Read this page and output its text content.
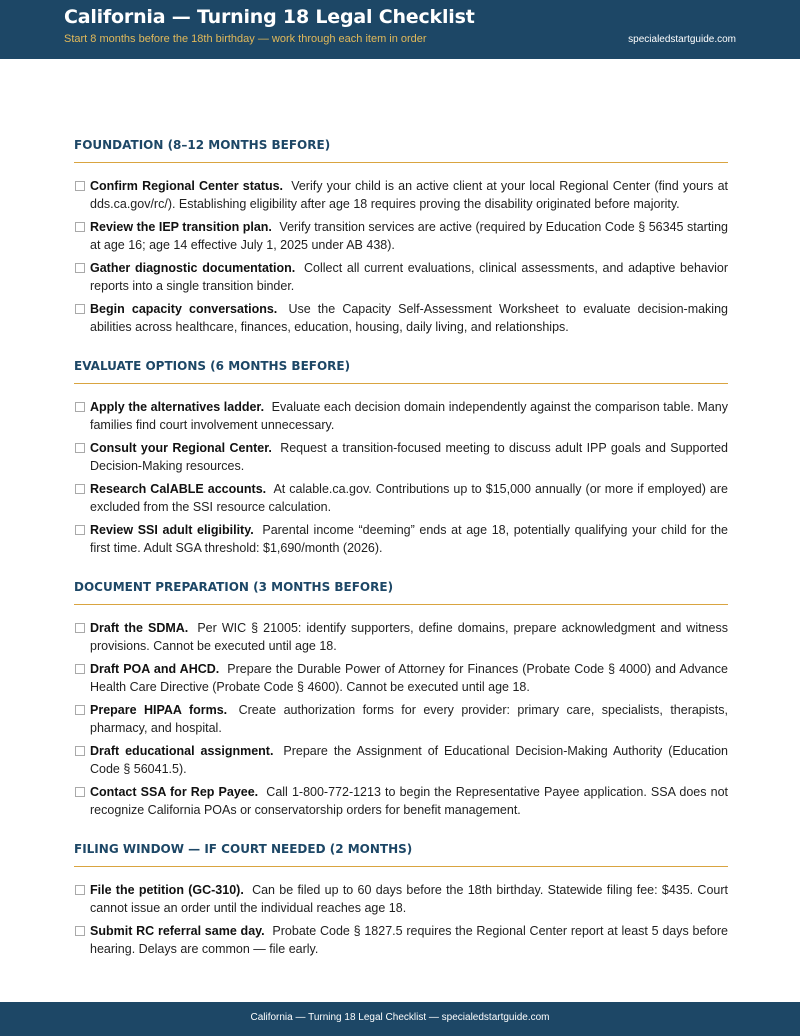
California — Turning 18 Legal Checklist
Start 8 months before the 18th birthday — work through each item in order	specialedstartguide.com
FOUNDATION (8–12 MONTHS BEFORE)
Confirm Regional Center status. Verify your child is an active client at your local Regional Center (find yours at dds.ca.gov/rc/). Establishing eligibility after age 18 requires proving the disability originated before majority.
Review the IEP transition plan. Verify transition services are active (required by Education Code § 56345 starting at age 16; age 14 effective July 1, 2025 under AB 438).
Gather diagnostic documentation. Collect all current evaluations, clinical assessments, and adaptive behavior reports into a single transition binder.
Begin capacity conversations. Use the Capacity Self-Assessment Worksheet to evaluate decision-making abilities across healthcare, finances, education, housing, daily living, and relationships.
EVALUATE OPTIONS (6 MONTHS BEFORE)
Apply the alternatives ladder. Evaluate each decision domain independently against the comparison table. Many families find court involvement unnecessary.
Consult your Regional Center. Request a transition-focused meeting to discuss adult IPP goals and Supported Decision-Making resources.
Research CalABLE accounts. At calable.ca.gov. Contributions up to $15,000 annually (or more if employed) are excluded from the SSI resource calculation.
Review SSI adult eligibility. Parental income “deeming” ends at age 18, potentially qualifying your child for the first time. Adult SGA threshold: $1,690/month (2026).
DOCUMENT PREPARATION (3 MONTHS BEFORE)
Draft the SDMA. Per WIC § 21005: identify supporters, define domains, prepare acknowledgment and witness provisions. Cannot be executed until age 18.
Draft POA and AHCD. Prepare the Durable Power of Attorney for Finances (Probate Code § 4000) and Advance Health Care Directive (Probate Code § 4600). Cannot be executed until age 18.
Prepare HIPAA forms. Create authorization forms for every provider: primary care, specialists, therapists, pharmacy, and hospital.
Draft educational assignment. Prepare the Assignment of Educational Decision-Making Authority (Education Code § 56041.5).
Contact SSA for Rep Payee. Call 1-800-772-1213 to begin the Representative Payee application. SSA does not recognize California POAs or conservatorship orders for benefit management.
FILING WINDOW — IF COURT NEEDED (2 MONTHS)
File the petition (GC-310). Can be filed up to 60 days before the 18th birthday. Statewide filing fee: $435. Court cannot issue an order until the individual reaches age 18.
Submit RC referral same day. Probate Code § 1827.5 requires the Regional Center report at least 5 days before hearing. Delays are common — file early.
California — Turning 18 Legal Checklist — specialedstartguide.com
